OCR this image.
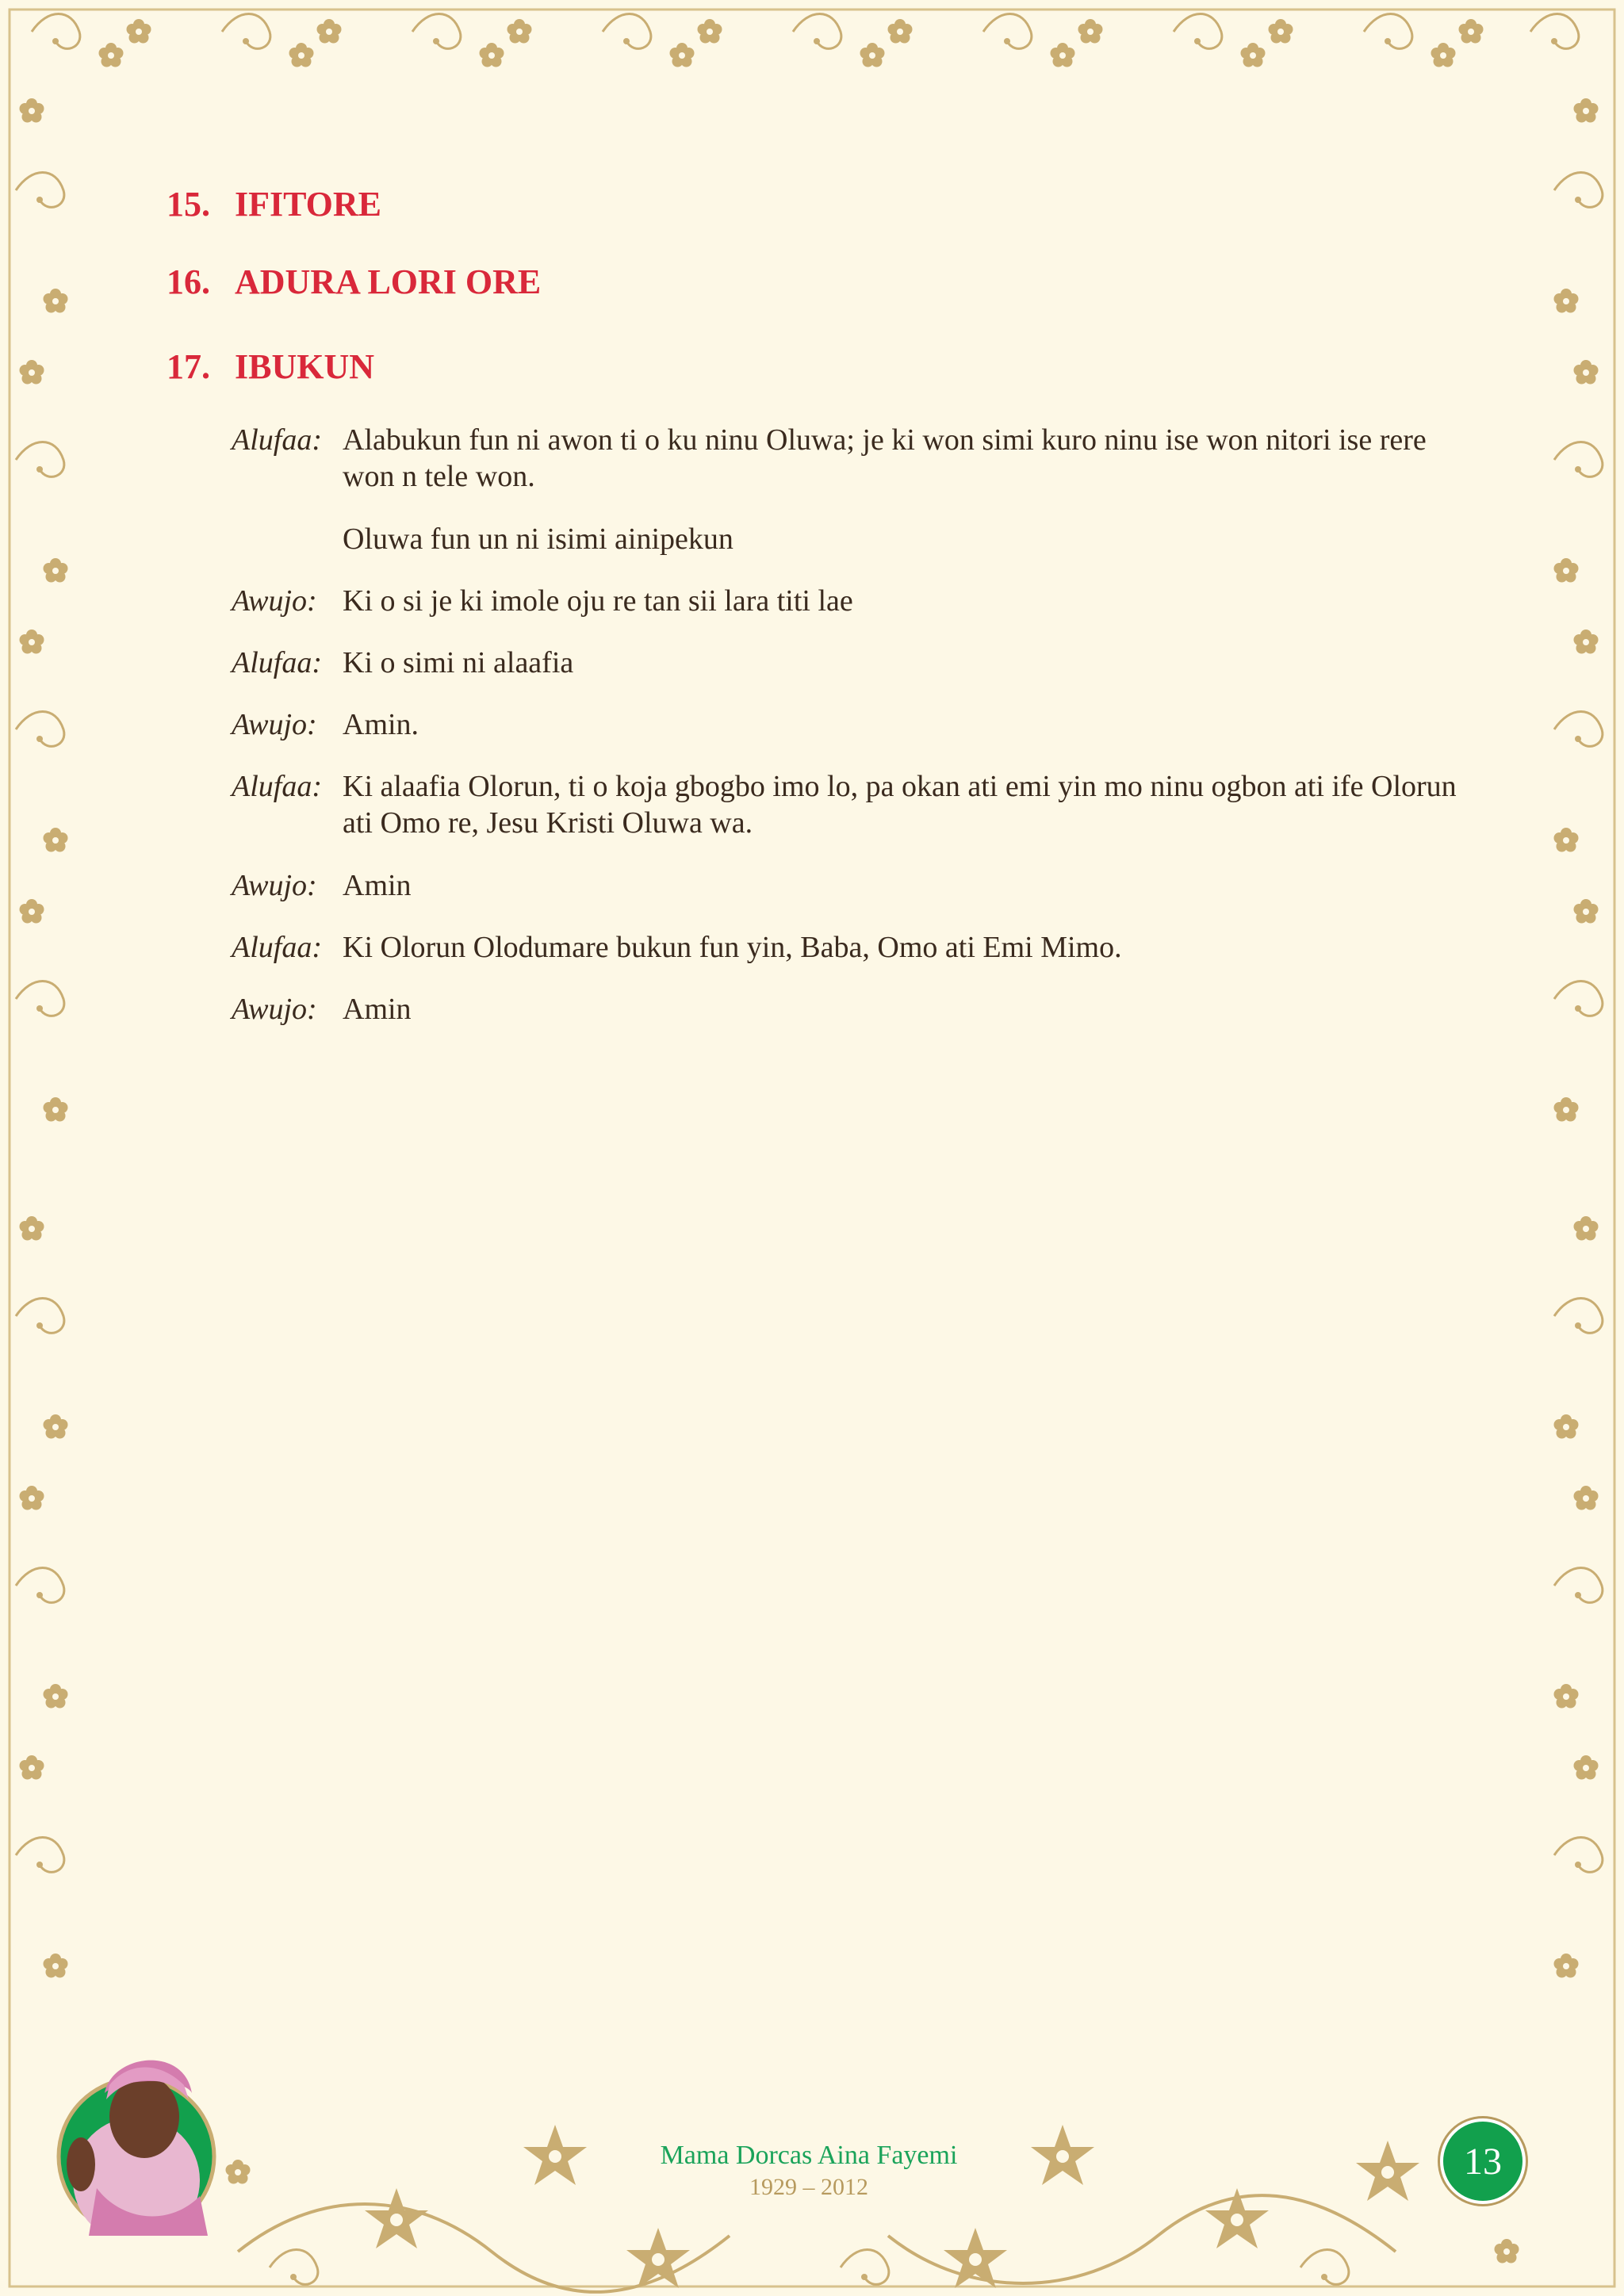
15. IFITORE
16. ADURA LORI ORE
17. IBUKUN
Alufaa: Alabukun fun ni awon ti o ku ninu Oluwa; je ki won simi kuro ninu ise won nitori ise rere won n tele won.
Oluwa fun un ni isimi ainipekun
Awujo: Ki o si je ki imole oju re tan sii lara titi lae
Alufaa: Ki o simi ni alaafia
Awujo: Amin.
Alufaa: Ki alaafia Olorun, ti o koja gbogbo imo lo, pa okan ati emi yin mo ninu ogbon ati ife Olorun ati Omo re, Jesu Kristi Oluwa wa.
Awujo: Amin
Alufaa: Ki Olorun Olodumare bukun fun yin, Baba, Omo ati Emi Mimo.
Awujo: Amin
Mama Dorcas Aina Fayemi
1929 – 2012
13
